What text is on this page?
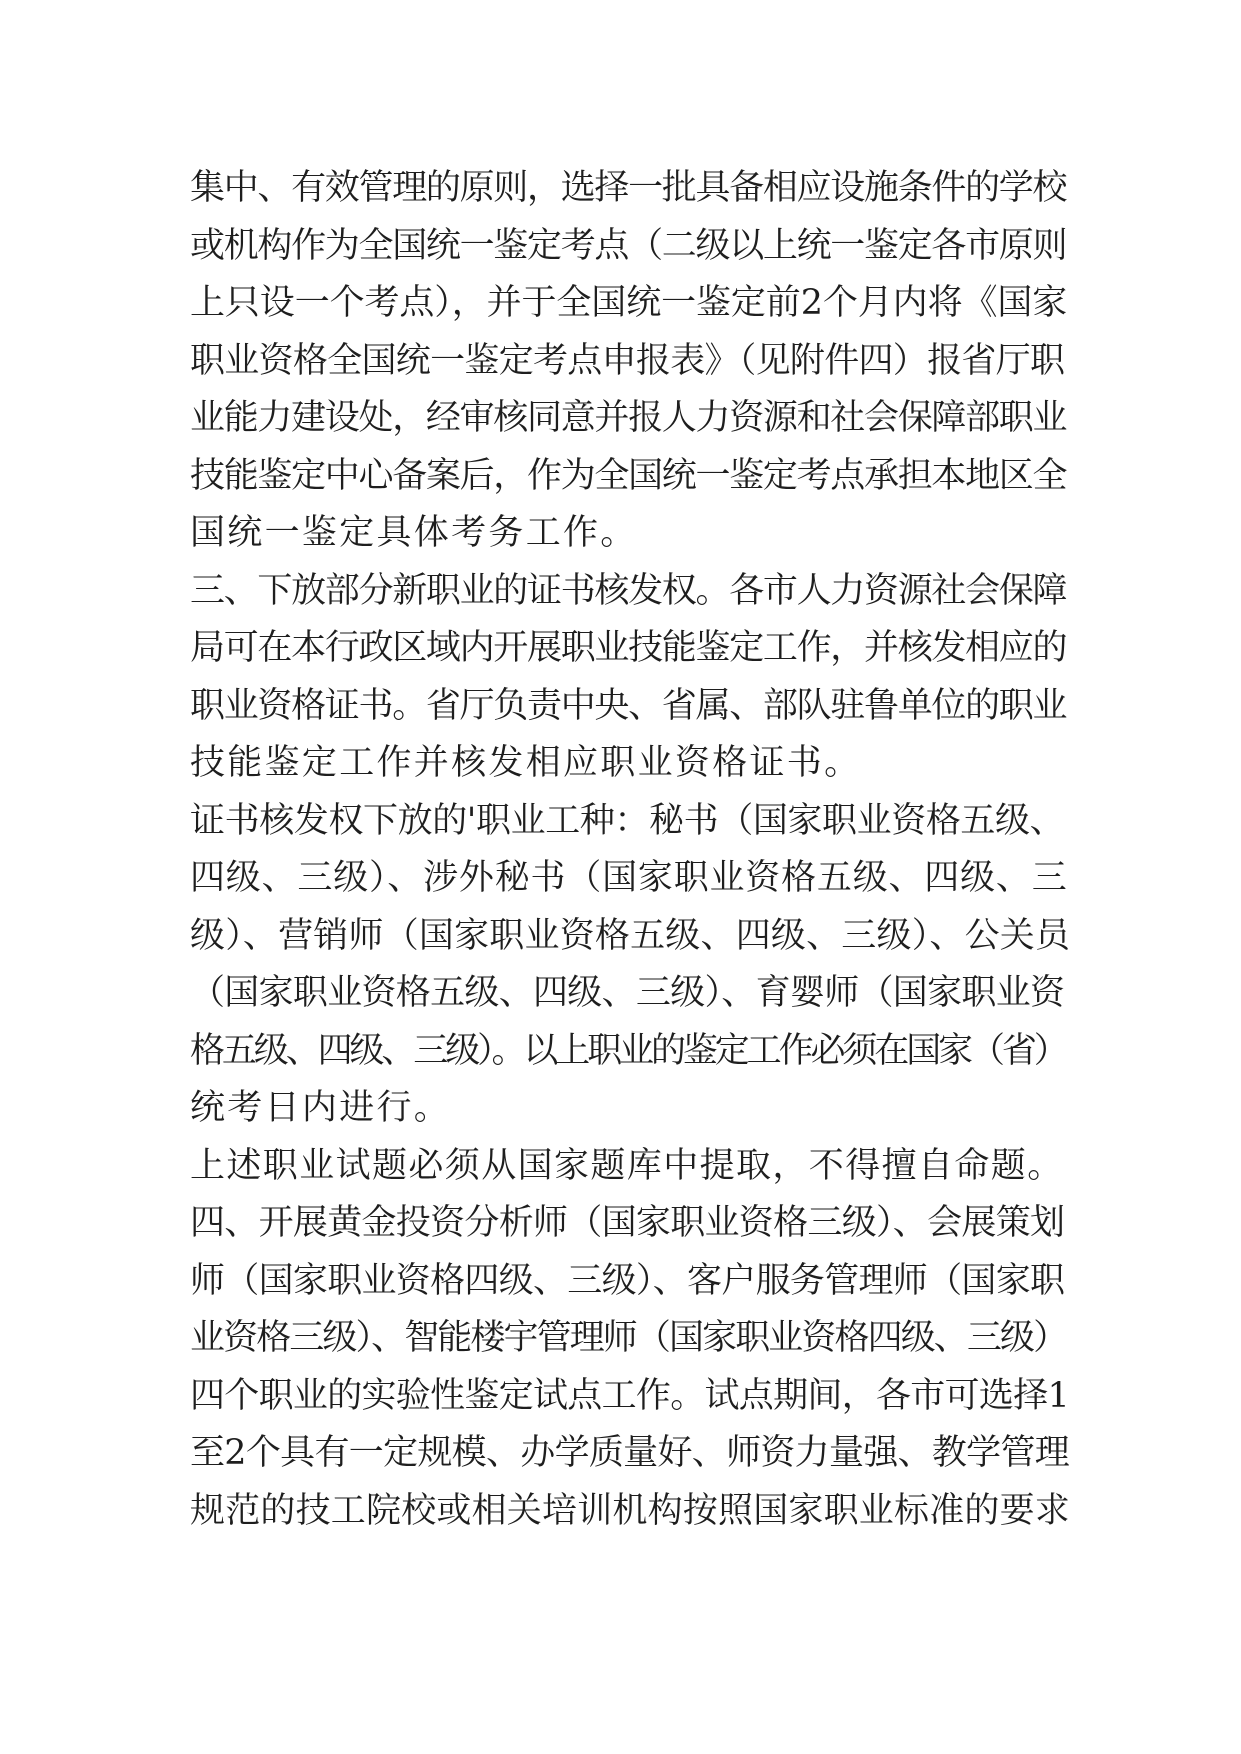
集中、有效管理的原则，选择一批具备相应设施条件的学校
或机构作为全国统一鉴定考点（二级以上统一鉴定各市原则
上只设一个考点），并于全国统一鉴定前2个月内将《国家
职业资格全国统一鉴定考点申报表》（见附件四）报省厅职
业能力建设处，经审核同意并报人力资源和社会保障部职业
技能鉴定中心备案后，作为全国统一鉴定考点承担本地区全
国统一鉴定具体考务工作。
三、下放部分新职业的证书核发权。各市人力资源社会保障
局可在本行政区域内开展职业技能鉴定工作，并核发相应的
职业资格证书。省厅负责中央、省属、部队驻鲁单位的职业
技能鉴定工作并核发相应职业资格证书。
证书核发权下放的'职业工种：秘书（国家职业资格五级、
四级、三级）、涉外秘书（国家职业资格五级、四级、三
级）、营销师（国家职业资格五级、四级、三级）、公关员
（国家职业资格五级、四级、三级）、育婴师（国家职业资
格五级、四级、三级）。以上职业的鉴定工作必须在国家（省）
统考日内进行。
上述职业试题必须从国家题库中提取，不得擅自命题。
四、开展黄金投资分析师（国家职业资格三级）、会展策划
师（国家职业资格四级、三级）、客户服务管理师（国家职
业资格三级）、智能楼宇管理师（国家职业资格四级、三级）
四个职业的实验性鉴定试点工作。试点期间，各市可选择1
至2个具有一定规模、办学质量好、师资力量强、教学管理
规范的技工院校或相关培训机构按照国家职业标准的要求
